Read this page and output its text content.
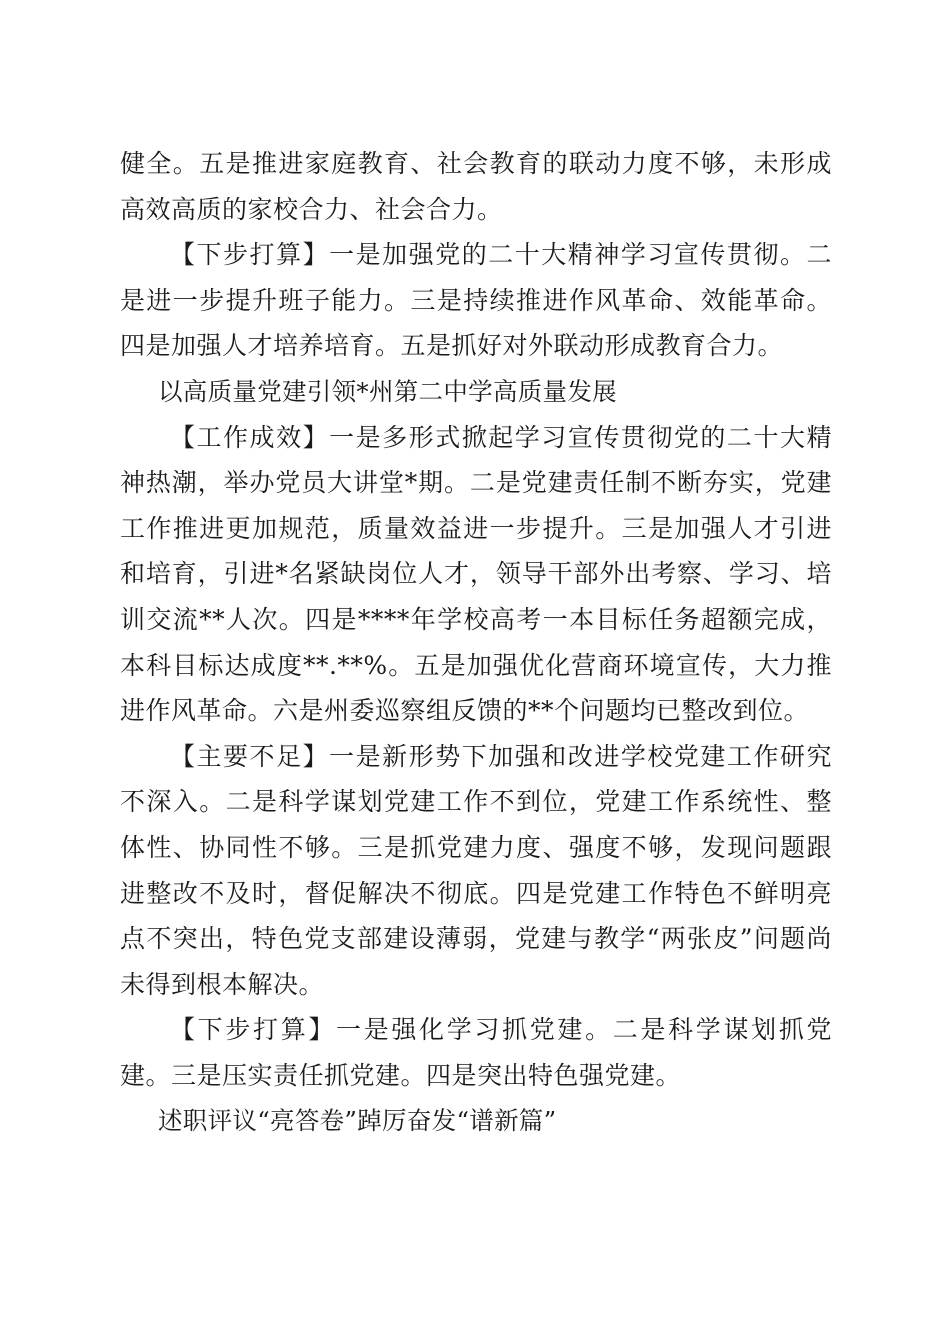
健全。五是推进家庭教育、社会教育的联动力度不够，未形成高效高质的家校合力、社会合力。

【下步打算】一是加强党的二十大精神学习宣传贯彻。二是进一步提升班子能力。三是持续推进作风革命、效能革命。四是加强人才培养培育。五是抓好对外联动形成教育合力。

以高质量党建引领*州第二中学高质量发展

【工作成效】一是多形式掀起学习宣传贯彻党的二十大精神热潮，举办党员大讲堂*期。二是党建责任制不断夯实，党建工作推进更加规范，质量效益进一步提升。三是加强人才引进和培育，引进*名紧缺岗位人才，领导干部外出考察、学习、培训交流**人次。四是****年学校高考一本目标任务超额完成，本科目标达成度**.**%。五是加强优化营商环境宣传，大力推进作风革命。六是州委巡察组反馈的**个问题均已整改到位。

【主要不足】一是新形势下加强和改进学校党建工作研究不深入。二是科学谋划党建工作不到位，党建工作系统性、整体性、协同性不够。三是抓党建力度、强度不够，发现问题跟进整改不及时，督促解决不彻底。四是党建工作特色不鲜明亮点不突出，特色党支部建设薄弱，党建与教学“两张皮”问题尚未得到根本解决。

【下步打算】一是强化学习抓党建。二是科学谋划抓党建。三是压实责任抓党建。四是突出特色强党建。

述职评议“亮答卷”踔厉奋发“谱新篇”
